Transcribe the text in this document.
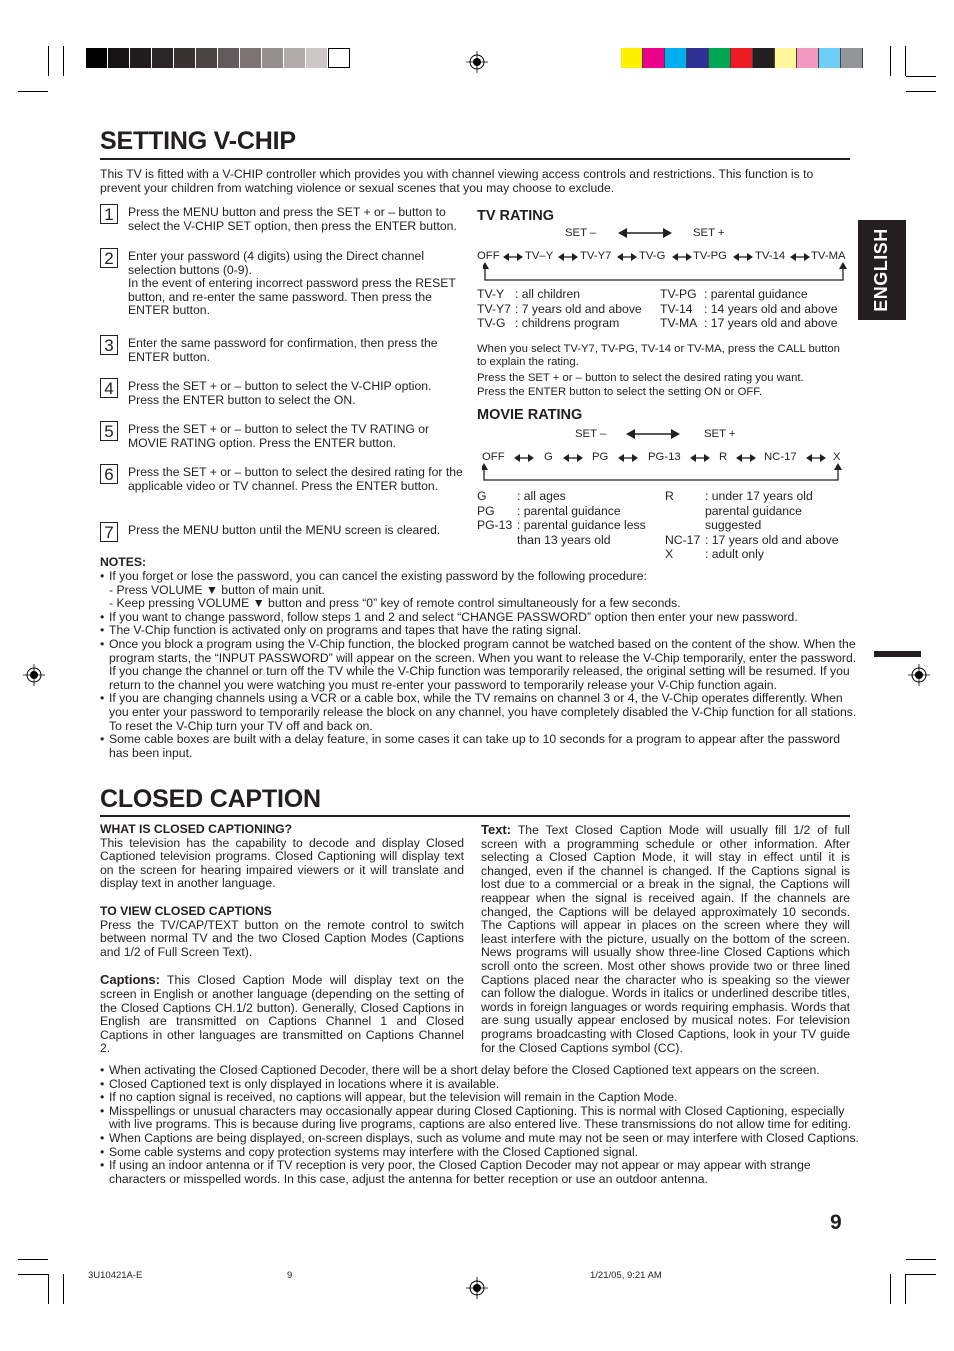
ENGLISH
SETTING V-CHIP
This TV is fitted with a V-CHIP controller which provides you with channel viewing access controls and restrictions. This function is to prevent your children from watching violence or sexual scenes that you may choose to exclude.
1	Press the MENU button and press the SET + or – button to select the V-CHIP SET option, then press the ENTER button.

2	Enter your password (4 digits) using the Direct channel selection buttons (0-9).

In the event of entering incorrect password press the RESET button, and re-enter the same password. Then press the ENTER button.

3	Enter the same password for confirmation, then press the ENTER button.

4	Press the SET + or – button to select the V-CHIP option. Press the ENTER button to select the ON.

5	Press the SET + or – button to select the TV RATING or MOVIE RATING option. Press the ENTER button.

6	Press the SET + or – button to select the desired rating for the applicable video or TV channel. Press the ENTER button.

7	Press the MENU button until the MENU screen is cleared.

TV RATING
SET –	SET +
OFF TV–Y TV-Y7 TV-G TV-PG TV-14 TV-MA
TV-Y	: all children
TV-Y7	: 7 years old and above
TV-G	: childrens program
TV-PG	: parental guidance
TV-14	: 14 years old and above
TV-MA	: 17 years old and above
When you select TV-Y7, TV-PG, TV-14 or TV-MA, press the CALL button to explain the rating.
Press the SET + or – button to select the desired rating you want.
Press the ENTER button to select the setting ON or OFF.
MOVIE RATING
SET –	SET +
OFF	G	PG	PG-13	R	NC-17	X
G	: all ages
PG	: parental guidance
PG-13	: parental guidance less than 13 years old
R	: under 17 years old parental guidance suggested
NC-17	: 17 years old and above
X	: adult only
NOTES:
• If you forget or lose the password, you can cancel the existing password by the following procedure:
- Press VOLUME ▼ button of main unit.
- Keep pressing VOLUME ▼ button and press “0” key of remote control simultaneously for a few seconds.
• If you want to change password, follow steps 1 and 2 and select “CHANGE PASSWORD” option then enter your new password.
• The V-Chip function is activated only on programs and tapes that have the rating signal.
• Once you block a program using the V-Chip function, the blocked program cannot be watched based on the content of the show. When the program starts, the “INPUT PASSWORD” will appear on the screen. When you want to release the V-Chip temporarily, enter the password.
If you change the channel or turn off the TV while the V-Chip function was temporarily released, the original setting will be resumed. If you return to the channel you were watching you must re-enter your password to temporarily release your V-Chip function again.
• If you are changing channels using a VCR or a cable box, while the TV remains on channel 3 or 4, the V-Chip operates differently. When you enter your password to temporarily release the block on any channel, you have completely disabled the V-Chip function for all stations. To reset the V-Chip turn your TV off and back on.
• Some cable boxes are built with a delay feature, in some cases it can take up to 10 seconds for a program to appear after the password has been input.
CLOSED CAPTION

WHAT IS CLOSED CAPTIONING?

This television has the capability to decode and display Closed Captioned television programs. Closed Captioning will display text on the screen for hearing impaired viewers or it will translate and display text in another language.

TO VIEW CLOSED CAPTIONS

Press the TV/CAP/TEXT button on the remote control to switch between normal TV and the two Closed Caption Modes (Captions and 1/2 of Full Screen Text).

Captions: This Closed Caption Mode will display text on the screen in English or another language (depending on the setting of the Closed Captions CH.1/2 button). Generally, Closed Captions in English are transmitted on Captions Channel 1 and Closed Captions in other languages are transmitted on Captions Channel 2.

Text: The Text Closed Caption Mode will usually fill 1/2 of full screen with a programming schedule or other information. After selecting a Closed Caption Mode, it will stay in effect until it is changed, even if the channel is changed. If the Captions signal is lost due to a commercial or a break in the signal, the Captions will reappear when the signal is received again. If the channels are changed, the Captions will be delayed approximately 10 seconds. The Captions will appear in places on the screen where they will least interfere with the picture, usually on the bottom of the screen. News programs will usually show three-line Closed Captions which scroll onto the screen. Most other shows provide two or three lined Captions placed near the character who is speaking so the viewer can follow the dialogue. Words in italics or underlined describe titles, words in foreign languages or words requiring emphasis. Words that are sung usually appear enclosed by musical notes. For television programs broadcasting with Closed Captions, look in your TV guide for the Closed Captions symbol (CC).

• When activating the Closed Captioned Decoder, there will be a short delay before the Closed Captioned text appears on the screen.
• Closed Captioned text is only displayed in locations where it is available.
• If no caption signal is received, no captions will appear, but the television will remain in the Caption Mode.
• Misspellings or unusual characters may occasionally appear during Closed Captioning. This is normal with Closed Captioning, especially with live programs. This is because during live programs, captions are also entered live. These transmissions do not allow time for editing.
• When Captions are being displayed, on-screen displays, such as volume and mute may not be seen or may interfere with Closed Captions.
• Some cable systems and copy protection systems may interfere with the Closed Captioned signal.
• If using an indoor antenna or if TV reception is very poor, the Closed Caption Decoder may not appear or may appear with strange characters or misspelled words. In this case, adjust the antenna for better reception or use an outdoor antenna.
9
3U10421A-E	9	1/21/05, 9:21 AM
